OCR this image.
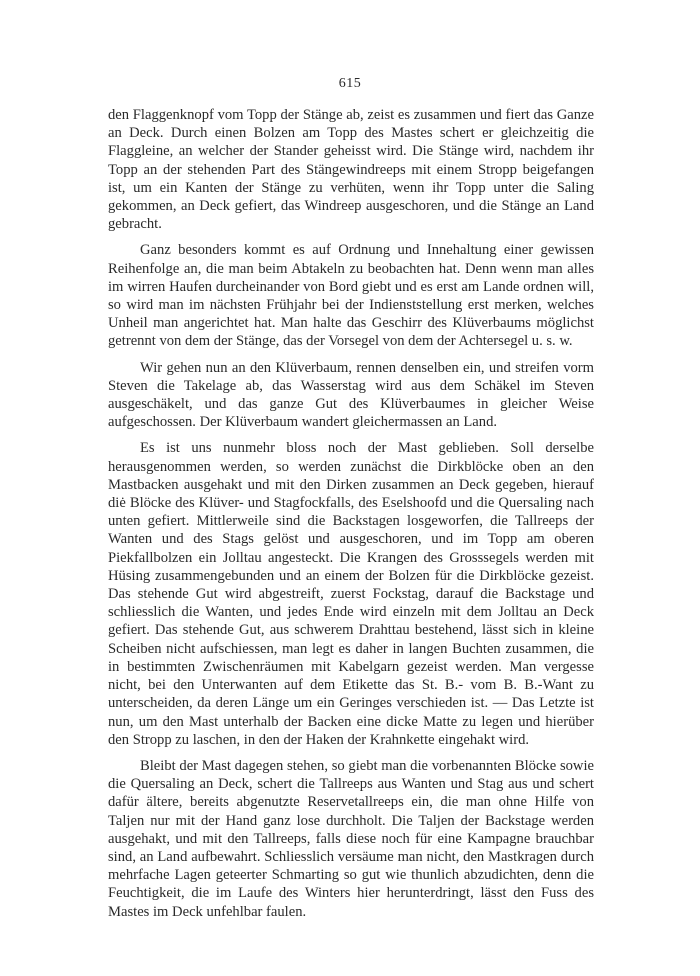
615

den Flaggenknopf vom Topp der Stänge ab, zeist es zusammen und fiert das Ganze an Deck. Durch einen Bolzen am Topp des Mastes schert er gleichzeitig die Flaggleine, an welcher der Stander geheisst wird. Die Stänge wird, nachdem ihr Topp an der stehenden Part des Stängewindreeps mit einem Stropp beigefangen ist, um ein Kanten der Stänge zu verhüten, wenn ihr Topp unter die Saling gekommen, an Deck gefiert, das Windreep ausgeschoren, und die Stänge an Land gebracht.

Ganz besonders kommt es auf Ordnung und Innehaltung einer gewissen Reihenfolge an, die man beim Abtakeln zu beobachten hat. Denn wenn man alles im wirren Haufen durcheinander von Bord giebt und es erst am Lande ordnen will, so wird man im nächsten Frühjahr bei der Indienststellung erst merken, welches Unheil man angerichtet hat. Man halte das Geschirr des Klüverbaums möglichst getrennt von dem der Stänge, das der Vorsegel von dem der Achtersegel u. s. w.

Wir gehen nun an den Klüverbaum, rennen denselben ein, und streifen vorm Steven die Takelage ab, das Wasserstag wird aus dem Schäkel im Steven ausgeschäkelt, und das ganze Gut des Klüverbaumes in gleicher Weise aufgeschossen. Der Klüverbaum wandert gleichermassen an Land.

Es ist uns nunmehr bloss noch der Mast geblieben. Soll derselbe herausgenommen werden, so werden zunächst die Dirkblöcke oben an den Mastbacken ausgehakt und mit den Dirken zusammen an Deck gegeben, hierauf diė Blöcke des Klüver- und Stagfockfalls, des Eselshoofd und die Quersaling nach unten gefiert. Mittlerweile sind die Backstagen losgeworfen, die Tallreeps der Wanten und des Stags gelöst und ausgeschoren, und im Topp am oberen Piekfallbolzen ein Jolltau angesteckt. Die Krangen des Grosssegels werden mit Hüsing zusammengebunden und an einem der Bolzen für die Dirkblöcke gezeist. Das stehende Gut wird abgestreift, zuerst Fockstag, darauf die Backstage und schliesslich die Wanten, und jedes Ende wird einzeln mit dem Jolltau an Deck gefiert. Das stehende Gut, aus schwerem Drahttau bestehend, lässt sich in kleine Scheiben nicht aufschiessen, man legt es daher in langen Buchten zusammen, die in bestimmten Zwischenräumen mit Kabelgarn gezeist werden. Man vergesse nicht, bei den Unterwanten auf dem Etikette das St. B.- vom B. B.-Want zu unterscheiden, da deren Länge um ein Geringes verschieden ist. — Das Letzte ist nun, um den Mast unterhalb der Backen eine dicke Matte zu legen und hierüber den Stropp zu laschen, in den der Haken der Krahnkette eingehakt wird.

Bleibt der Mast dagegen stehen, so giebt man die vorbenannten Blöcke sowie die Quersaling an Deck, schert die Tallreeps aus Wanten und Stag aus und schert dafür ältere, bereits abgenutzte Reservetallreeps ein, die man ohne Hilfe von Taljen nur mit der Hand ganz lose durchholt. Die Taljen der Backstage werden ausgehakt, und mit den Tallreeps, falls diese noch für eine Kampagne brauchbar sind, an Land aufbewahrt. Schliesslich versäume man nicht, den Mastkragen durch mehrfache Lagen geteerter Schmarting so gut wie thunlich abzudichten, denn die Feuchtigkeit, die im Laufe des Winters hier herunterdringt, lässt den Fuss des Mastes im Deck unfehlbar faulen.
